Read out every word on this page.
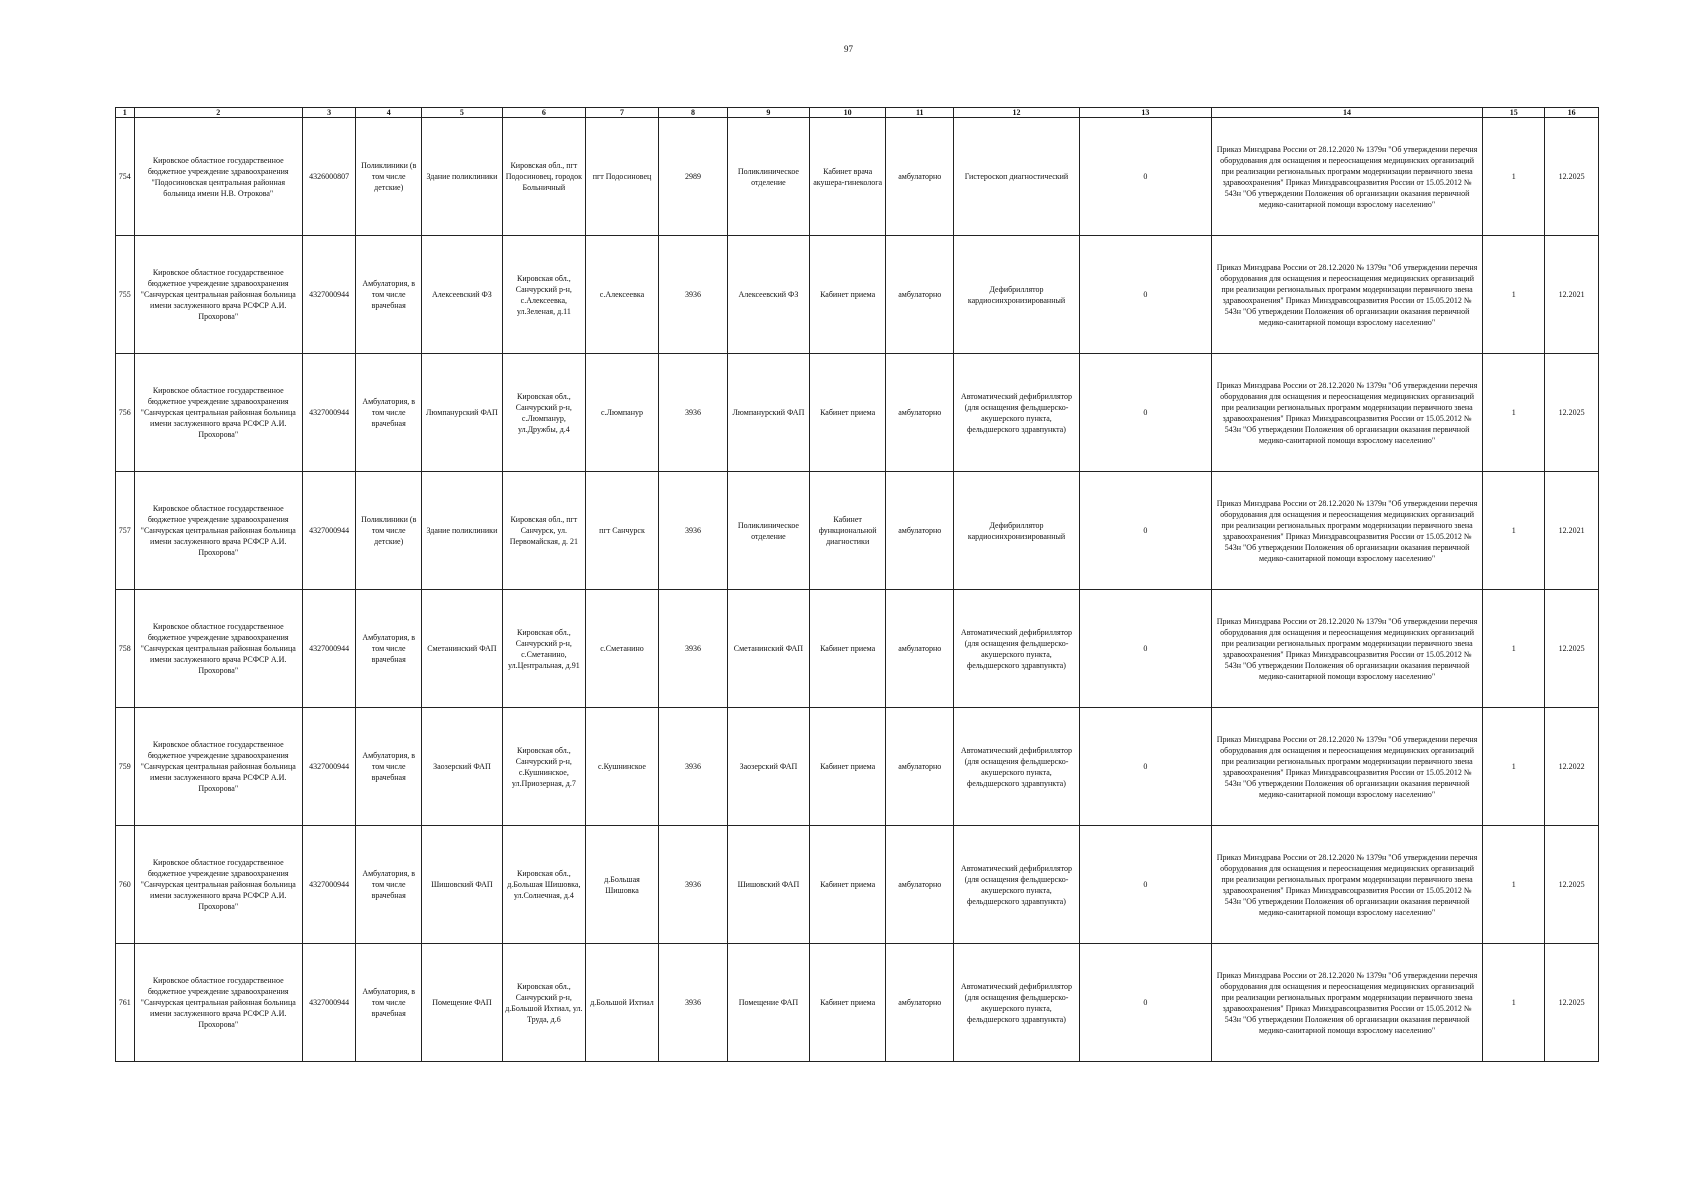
97
1	2	3	4	5	6	7	8	9	10	11	12	13	14	15	16
754	Кировское областное государственное бюджетное учреждение здравоохранения "Подосиновская центральная районная больница имени Н.В. Отрокова"	4326000807	Поликлиники (в том числе детские)	Здание поликлиники	Кировская обл., пгт Подосиновец, городок Больничный	пгт Подосиновец	2989	Поликлиническое отделение	Кабинет врача акушера-гинеколога	амбулаторно	Гистероскоп диагностический	0	Приказ Минздрава России от 28.12.2020 № 1379н "Об утверждении перечня оборудования для оснащения и переоснащения медицинских организаций при реализации региональных программ модернизации первичного звена здравоохранения" Приказ Минздравсоцразвития России от 15.05.2012 № 543н "Об утверждении Положения об организации оказания первичной медико-санитарной помощи взрослому населению"	1	12.2025
755	Кировское областное государственное бюджетное учреждение здравоохранения "Санчурская центральная районная больница имени заслуженного врача РСФСР А.И. Прохорова"	4327000944	Амбулатория, в том числе врачебная	Алексеевский ФЗ	Кировская обл., Санчурский р-н, с.Алексеевка, ул.Зеленая, д.11	с.Алексеевка	3936	Алексеевский ФЗ	Кабинет приема	амбулаторно	Дефибриллятор кардиосинхронизированный	0	Приказ Минздрава России от 28.12.2020 № 1379н "Об утверждении перечня оборудования для оснащения и переоснащения медицинских организаций при реализации региональных программ модернизации первичного звена здравоохранения" Приказ Минздравсоцразвития России от 15.05.2012 № 543н "Об утверждении Положения об организации оказания первичной медико-санитарной помощи взрослому населению"	1	12.2021
756	Кировское областное государственное бюджетное учреждение здравоохранения "Санчурская центральная районная больница имени заслуженного врача РСФСР А.И. Прохорова"	4327000944	Амбулатория, в том числе врачебная	Люмпанурский ФАП	Кировская обл., Санчурский р-н, с.Люмпанур, ул.Дружбы, д.4	с.Люмпанур	3936	Люмпанурский ФАП	Кабинет приема	амбулаторно	Автоматический дефибриллятор (для оснащения фельдшерско-акушерского пункта, фельдшерского здравпункта)	0	Приказ Минздрава России от 28.12.2020 № 1379н "Об утверждении перечня оборудования для оснащения и переоснащения медицинских организаций при реализации региональных программ модернизации первичного звена здравоохранения" Приказ Минздравсоцразвития России от 15.05.2012 № 543н "Об утверждении Положения об организации оказания первичной медико-санитарной помощи взрослому населению"	1	12.2025
757	Кировское областное государственное бюджетное учреждение здравоохранения "Санчурская центральная районная больница имени заслуженного врача РСФСР А.И. Прохорова"	4327000944	Поликлиники (в том числе детские)	Здание поликлиники	Кировская обл., пгт Санчурск, ул. Первомайская, д. 21	пгт Санчурск	3936	Поликлиническое отделение	Кабинет функциональной диагностики	амбулаторно	Дефибриллятор кардиосинхронизированный	0	Приказ Минздрава России от 28.12.2020 № 1379н "Об утверждении перечня оборудования для оснащения и переоснащения медицинских организаций при реализации региональных программ модернизации первичного звена здравоохранения" Приказ Минздравсоцразвития России от 15.05.2012 № 543н "Об утверждении Положения об организации оказания первичной медико-санитарной помощи взрослому населению"	1	12.2021
758	Кировское областное государственное бюджетное учреждение здравоохранения "Санчурская центральная районная больница имени заслуженного врача РСФСР А.И. Прохорова"	4327000944	Амбулатория, в том числе врачебная	Сметанинский ФАП	Кировская обл., Санчурский р-н, с.Сметанино, ул.Центральная, д.91	с.Сметанино	3936	Сметанинский ФАП	Кабинет приема	амбулаторно	Автоматический дефибриллятор (для оснащения фельдшерско-акушерского пункта, фельдшерского здравпункта)	0	Приказ Минздрава России от 28.12.2020 № 1379н "Об утверждении перечня оборудования для оснащения и переоснащения медицинских организаций при реализации региональных программ модернизации первичного звена здравоохранения" Приказ Минздравсоцразвития России от 15.05.2012 № 543н "Об утверждении Положения об организации оказания первичной медико-санитарной помощи взрослому населению"	1	12.2025
759	Кировское областное государственное бюджетное учреждение здравоохранения "Санчурская центральная районная больница имени заслуженного врача РСФСР А.И. Прохорова"	4327000944	Амбулатория, в том числе врачебная	Заозерский ФАП	Кировская обл., Санчурский р-н, с.Кушнинское, ул.Приозерная, д.7	с.Кушнинское	3936	Заозерский ФАП	Кабинет приема	амбулаторно	Автоматический дефибриллятор (для оснащения фельдшерско-акушерского пункта, фельдшерского здравпункта)	0	Приказ Минздрава России от 28.12.2020 № 1379н "Об утверждении перечня оборудования для оснащения и переоснащения медицинских организаций при реализации региональных программ модернизации первичного звена здравоохранения" Приказ Минздравсоцразвития России от 15.05.2012 № 543н "Об утверждении Положения об организации оказания первичной медико-санитарной помощи взрослому населению"	1	12.2022
760	Кировское областное государственное бюджетное учреждение здравоохранения "Санчурская центральная районная больница имени заслуженного врача РСФСР А.И. Прохорова"	4327000944	Амбулатория, в том числе врачебная	Шишовский ФАП	Кировская обл., д.Большая Шишовка, ул.Солнечная, д.4	д.Большая Шишовка	3936	Шишовский ФАП	Кабинет приема	амбулаторно	Автоматический дефибриллятор (для оснащения фельдшерско-акушерского пункта, фельдшерского здравпункта)	0	Приказ Минздрава России от 28.12.2020 № 1379н "Об утверждении перечня оборудования для оснащения и переоснащения медицинских организаций при реализации региональных программ модернизации первичного звена здравоохранения" Приказ Минздравсоцразвития России от 15.05.2012 № 543н "Об утверждении Положения об организации оказания первичной медико-санитарной помощи взрослому населению"	1	12.2025
761	Кировское областное государственное бюджетное учреждение здравоохранения "Санчурская центральная районная больница имени заслуженного врача РСФСР А.И. Прохорова"	4327000944	Амбулатория, в том числе врачебная	Помещение ФАП	Кировская обл., Санчурский р-н, д.Большой Ихтиал, ул. Труда, д.6	д.Большой Ихтиал	3936	Помещение ФАП	Кабинет приема	амбулаторно	Автоматический дефибриллятор (для оснащения фельдшерско-акушерского пункта, фельдшерского здравпункта)	0	Приказ Минздрава России от 28.12.2020 № 1379н "Об утверждении перечня оборудования для оснащения и переоснащения медицинских организаций при реализации региональных программ модернизации первичного звена здравоохранения" Приказ Минздравсоцразвития России от 15.05.2012 № 543н "Об утверждении Положения об организации оказания первичной медико-санитарной помощи взрослому населению"	1	12.2025
